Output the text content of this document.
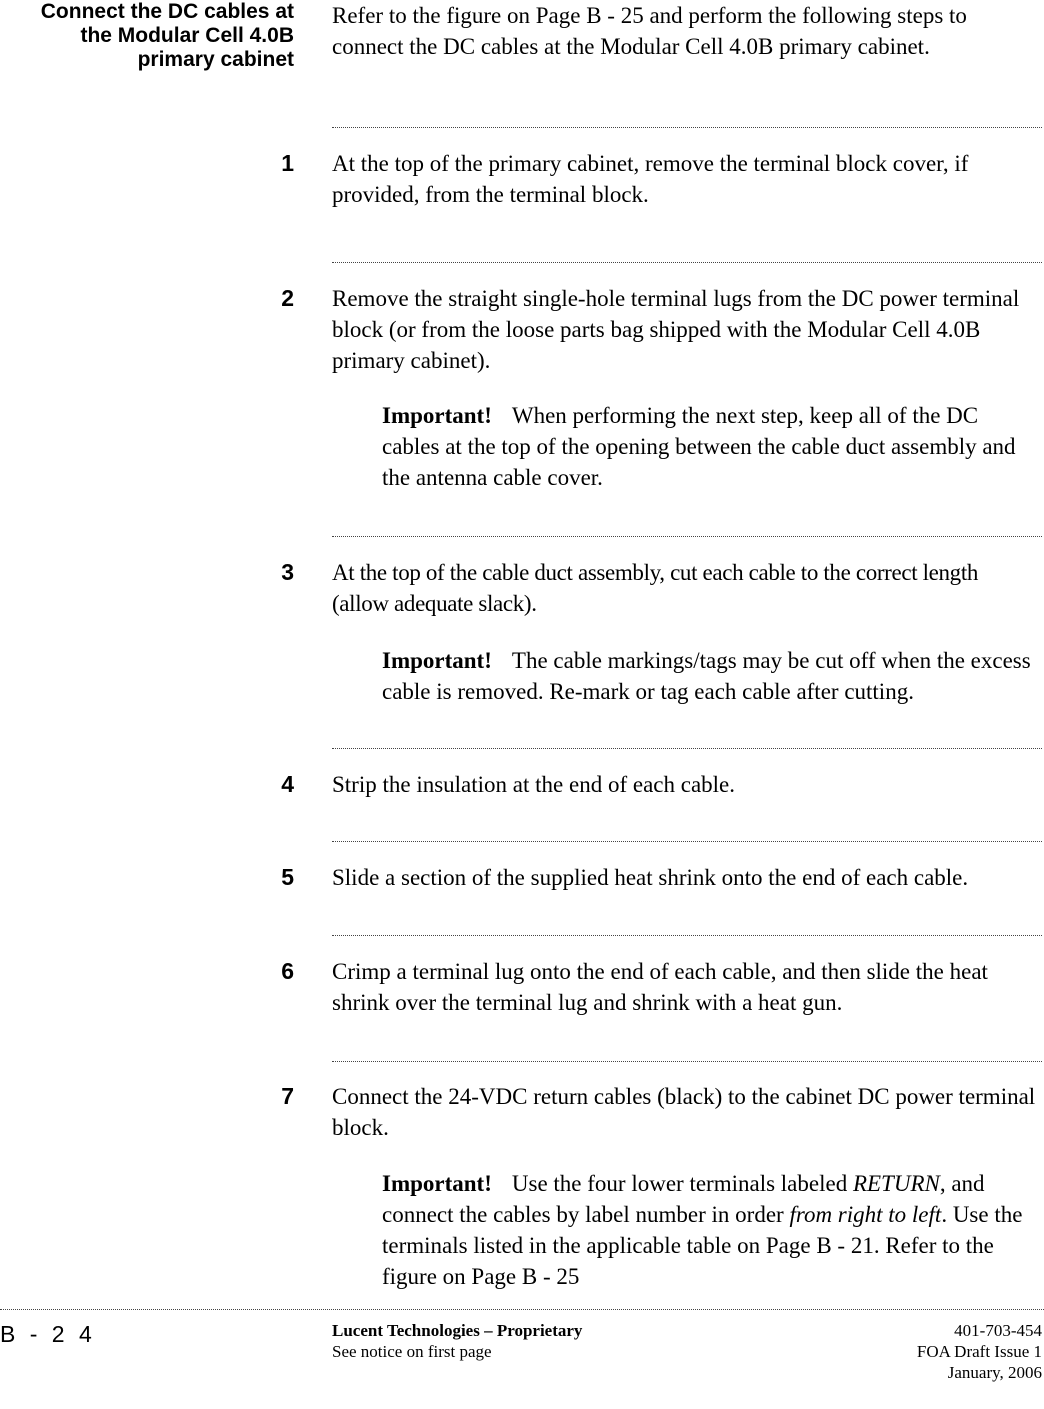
Connect the DC cables at
the Modular Cell 4.0B
primary cabinet
Refer to the figure on Page B - 25 and perform the following steps to connect the DC cables at the Modular Cell 4.0B primary cabinet.
1 At the top of the primary cabinet, remove the terminal block cover, if provided, from the terminal block.
2 Remove the straight single-hole terminal lugs from the DC power terminal block (or from the loose parts bag shipped with the Modular Cell 4.0B primary cabinet).
Important! When performing the next step, keep all of the DC cables at the top of the opening between the cable duct assembly and the antenna cable cover.
3 At the top of the cable duct assembly, cut each cable to the correct length (allow adequate slack).
Important! The cable markings/tags may be cut off when the excess cable is removed. Re-mark or tag each cable after cutting.
4 Strip the insulation at the end of each cable.
5 Slide a section of the supplied heat shrink onto the end of each cable.
6 Crimp a terminal lug onto the end of each cable, and then slide the heat shrink over the terminal lug and shrink with a heat gun.
7 Connect the 24-VDC return cables (black) to the cabinet DC power terminal block.
Important! Use the four lower terminals labeled RETURN, and connect the cables by label number in order from right to left. Use the terminals listed in the applicable table on Page B - 21. Refer to the figure on Page B - 25
B - 2 4	Lucent Technologies – Proprietary
See notice on first page
401-703-454
FOA Draft Issue 1
January, 2006
